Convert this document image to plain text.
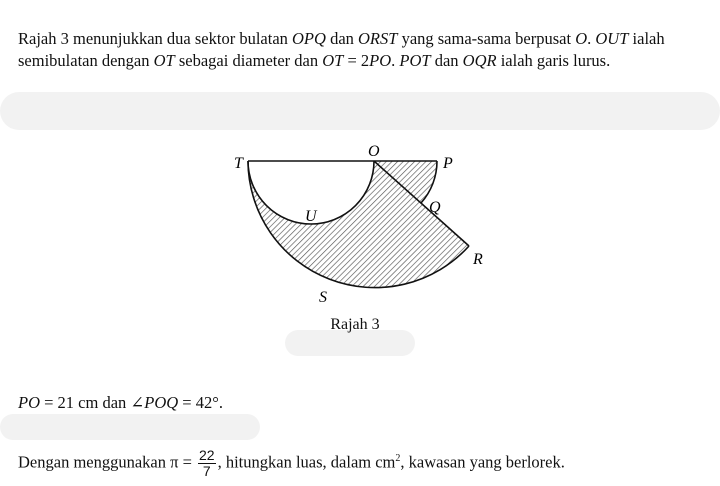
Rajah 3 menunjukkan dua sektor bulatan OPQ dan ORST yang sama-sama berpusat O. OUT ialah semibulatan dengan OT sebagai diameter dan OT = 2PO. POT dan OQR ialah garis lurus.

T
O
P
Q
R
U
S
Rajah 3

PO = 21 cm dan ∠POQ = 42°.

Dengan menggunakan $\pi = \frac{22}{7}$ , hitungkan luas, dalam $cm^2$, kawasan yang berlorek.
